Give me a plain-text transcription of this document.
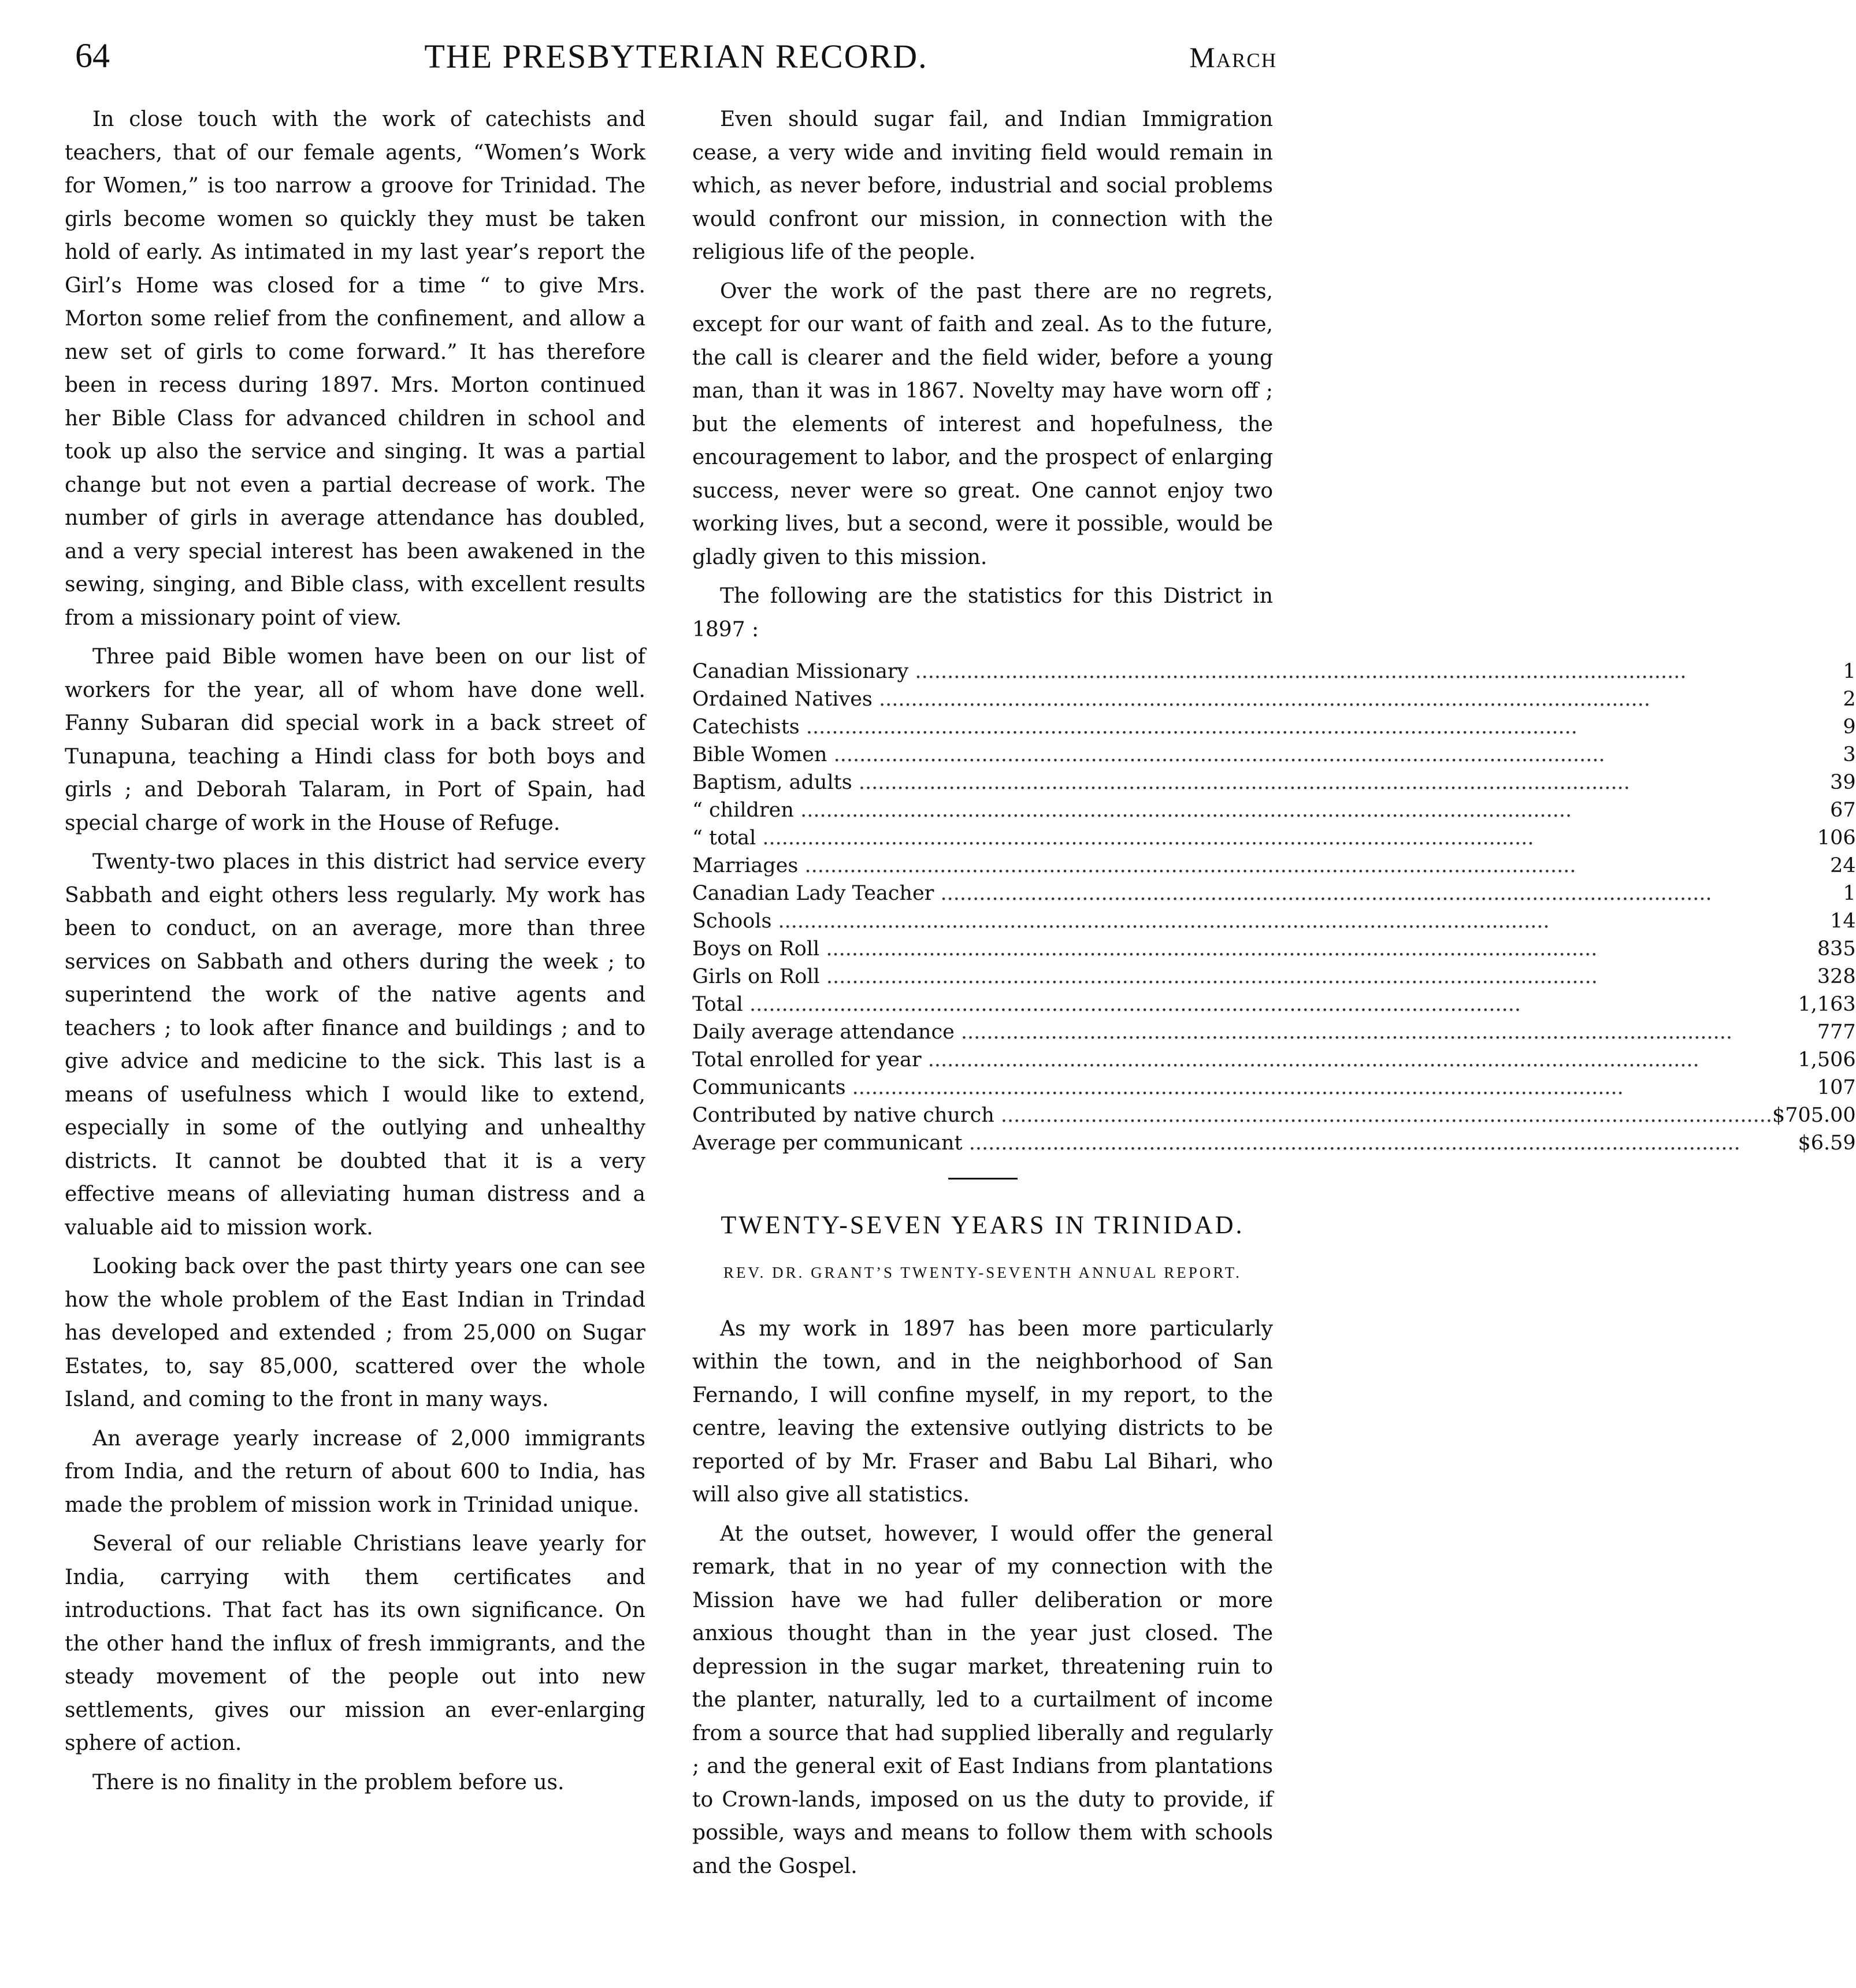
64	THE PRESBYTERIAN RECORD.	March

In close touch with the work of catechists and teachers, that of our female agents, “Women’s Work for Women,” is too narrow a groove for Trinidad. The girls become women so quickly they must be taken hold of early. As intimated in my last year’s report the Girl’s Home was closed for a time “ to give Mrs. Morton some relief from the confinement, and allow a new set of girls to come forward.” It has therefore been in recess during 1897. Mrs. Morton continued her Bible Class for advanced children in school and took up also the service and singing. It was a partial change but not even a partial decrease of work. The number of girls in average attendance has doubled, and a very special interest has been awakened in the sewing, singing, and Bible class, with excellent results from a missionary point of view.

Three paid Bible women have been on our list of workers for the year, all of whom have done well. Fanny Subaran did special work in a back street of Tunapuna, teaching a Hindi class for both boys and girls ; and Deborah Talaram, in Port of Spain, had special charge of work in the House of Refuge.

Twenty-two places in this district had service every Sabbath and eight others less regularly. My work has been to conduct, on an average, more than three services on Sabbath and others during the week ; to superintend the work of the native agents and teachers ; to look after finance and buildings ; and to give advice and medicine to the sick. This last is a means of usefulness which I would like to extend, especially in some of the outlying and unhealthy districts. It cannot be doubted that it is a very effective means of alleviating human distress and a valuable aid to mission work.

Looking back over the past thirty years one can see how the whole problem of the East Indian in Trindad has developed and extended ; from 25,000 on Sugar Estates, to, say 85,000, scattered over the whole Island, and coming to the front in many ways.

An average yearly increase of 2,000 immigrants from India, and the return of about 600 to India, has made the problem of mission work in Trinidad unique.

Several of our reliable Christians leave yearly for India, carrying with them certificates and introductions. That fact has its own significance. On the other hand the influx of fresh immigrants, and the steady movement of the people out into new settlements, gives our mission an ever-enlarging sphere of action.

There is no finality in the problem before us.

Even should sugar fail, and Indian Immigration cease, a very wide and inviting field would remain in which, as never before, industrial and social problems would confront our mission, in connection with the religious life of the people.

Over the work of the past there are no regrets, except for our want of faith and zeal. As to the future, the call is clearer and the field wider, before a young man, than it was in 1867. Novelty may have worn off ; but the elements of interest and hopefulness, the encouragement to labor, and the prospect of enlarging success, never were so great. One cannot enjoy two working lives, but a second, were it possible, would be gladly given to this mission.

The following are the statistics for this District in 1897 :

Canadian Missionary ........................................................................................................................	1
Ordained Natives ........................................................................................................................	2
Catechists ........................................................................................................................	9
Bible Women ........................................................................................................................	3
Baptism, adults ........................................................................................................................	39
“ children ........................................................................................................................	67
“ total ........................................................................................................................	106
Marriages ........................................................................................................................	24
Canadian Lady Teacher ........................................................................................................................	1
Schools ........................................................................................................................	14
Boys on Roll ........................................................................................................................	835
Girls on Roll ........................................................................................................................	328
Total ........................................................................................................................	1,163
Daily average attendance ........................................................................................................................	777
Total enrolled for year ........................................................................................................................	1,506
Communicants ........................................................................................................................	107
Contributed by native church ........................................................................................................................	$705.00
Average per communicant ........................................................................................................................	$6.59
TWENTY-SEVEN YEARS IN TRINIDAD.
REV. DR. GRANT’S TWENTY-SEVENTH ANNUAL REPORT.

As my work in 1897 has been more particularly within the town, and in the neighborhood of San Fernando, I will confine myself, in my report, to the centre, leaving the extensive outlying districts to be reported of by Mr. Fraser and Babu Lal Bihari, who will also give all statistics.

At the outset, however, I would offer the general remark, that in no year of my connection with the Mission have we had fuller deliberation or more anxious thought than in the year just closed. The depression in the sugar market, threatening ruin to the planter, naturally, led to a curtailment of income from a source that had supplied liberally and regularly ; and the general exit of East Indians from plantations to Crown-lands, imposed on us the duty to provide, if possible, ways and means to follow them with schools and the Gospel.
